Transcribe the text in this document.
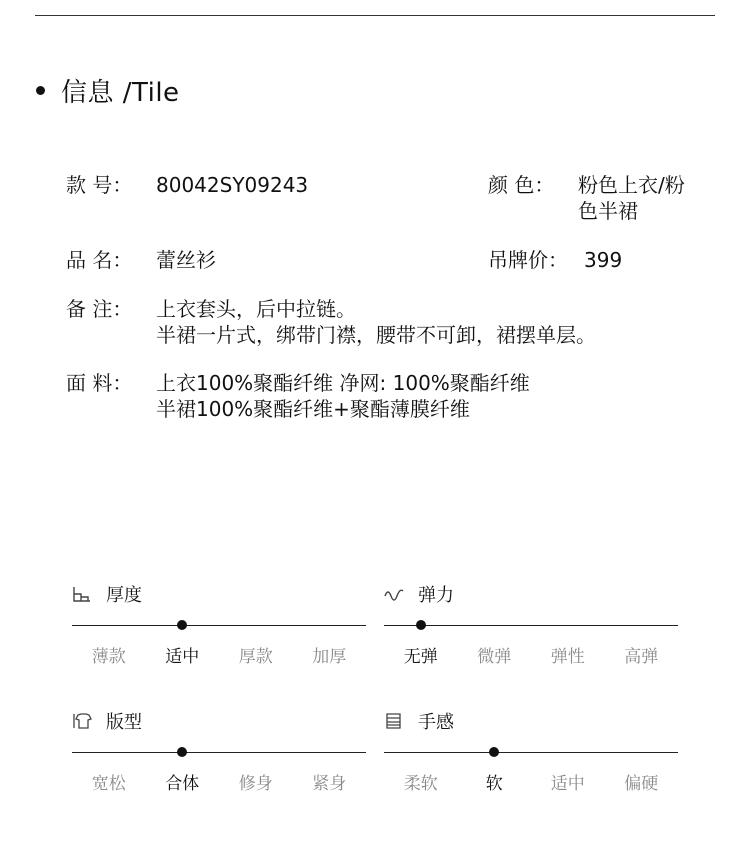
信息 /Tile
款 号： 80042SY09243	颜 色： 粉色上衣/粉
色半裙
品 名： 蕾丝衫	吊牌价： 399
备 注： 上衣套头，后中拉链。
半裙一片式，绑带门襟，腰带不可卸，裙摆单层。
面 料： 上衣100%聚酯纤维 净网: 100%聚酯纤维
半裙100%聚酯纤维+聚酯薄膜纤维
厚度
薄款	适中	厚款	加厚
弹力
无弹	微弹	弹性	高弹
版型
宽松	合体	修身	紧身
手感
柔软	软	适中	偏硬
